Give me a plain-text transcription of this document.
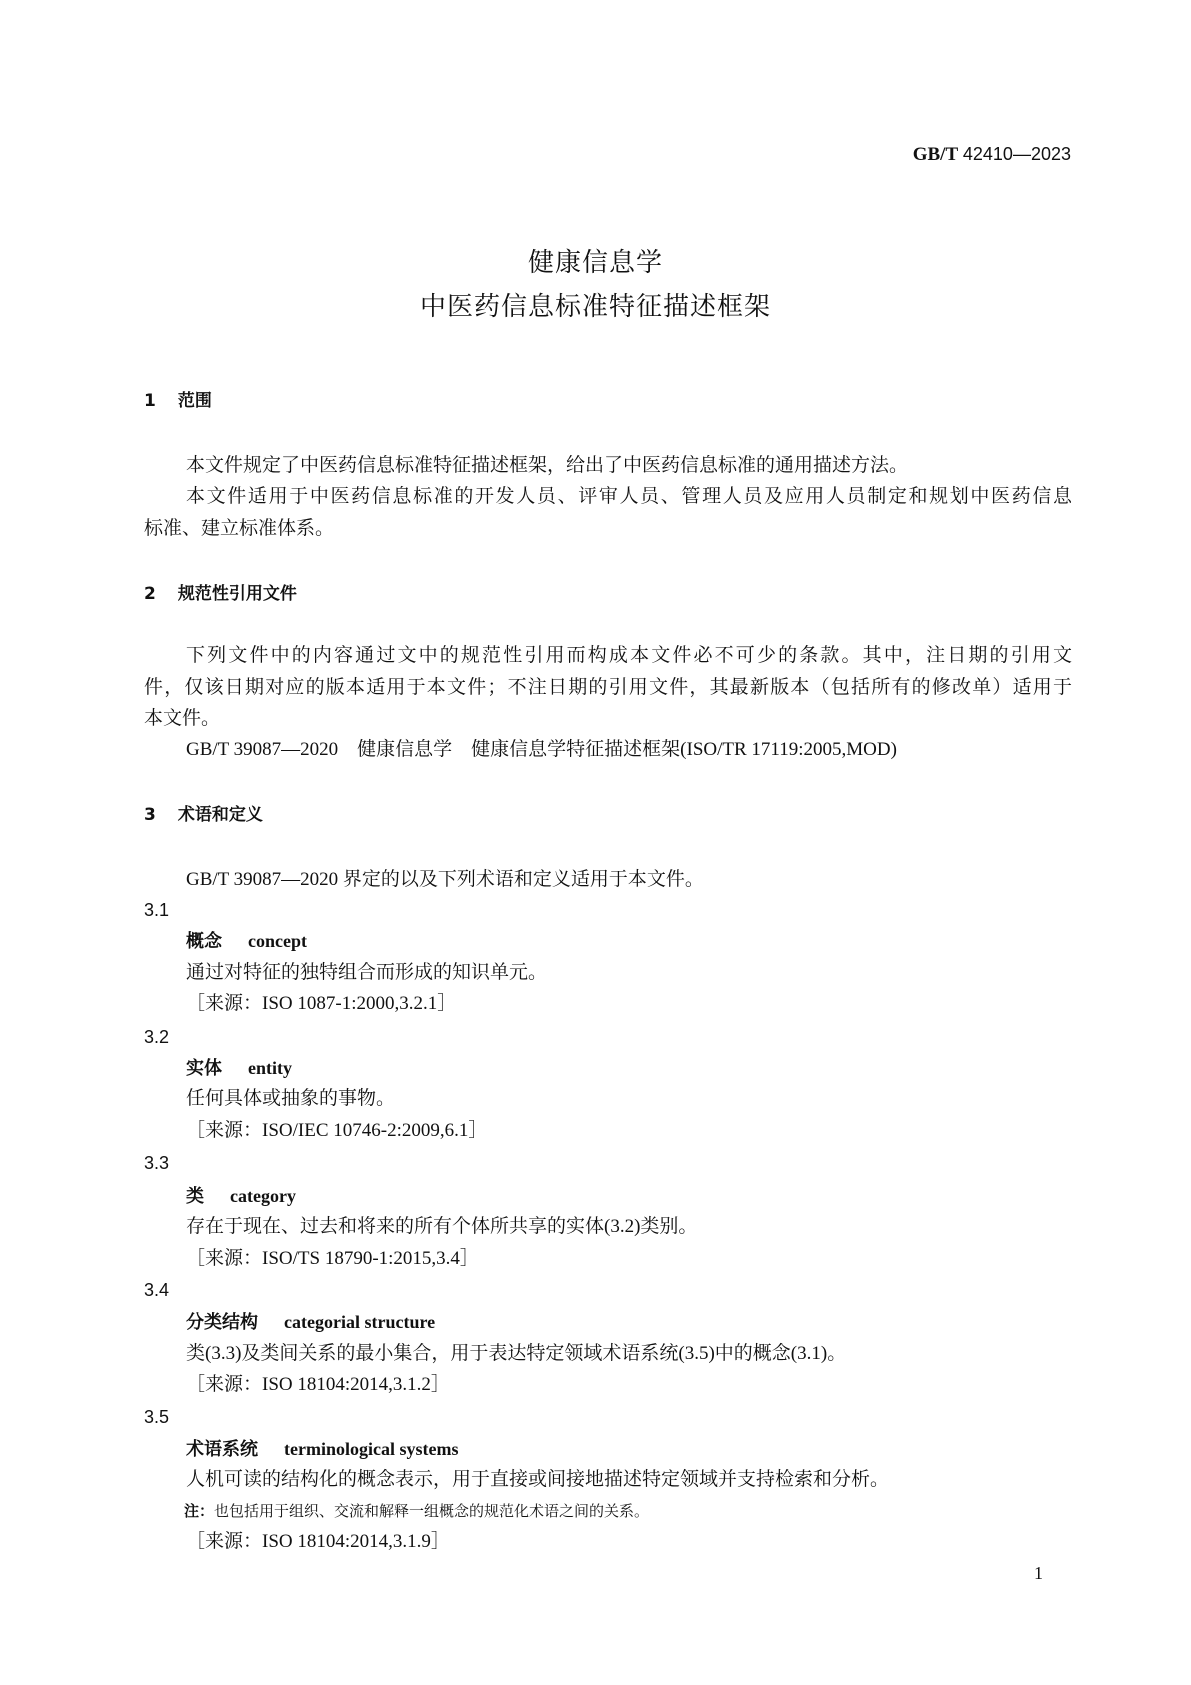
GB/T 42410—2023
健康信息学
中医药信息标准特征描述框架
1 范围
本文件规定了中医药信息标准特征描述框架，给出了中医药信息标准的通用描述方法。
本文件适用于中医药信息标准的开发人员、评审人员、管理人员及应用人员制定和规划中医药信息
标准、建立标准体系。
2 规范性引用文件
下列文件中的内容通过文中的规范性引用而构成本文件必不可少的条款。其中，注日期的引用文
件，仅该日期对应的版本适用于本文件；不注日期的引用文件，其最新版本（包括所有的修改单）适用于
本文件。
GB/T 39087—2020　健康信息学　健康信息学特征描述框架(ISO/TR 17119:2005,MOD)
3 术语和定义
GB/T 39087—2020 界定的以及下列术语和定义适用于本文件。
3.1
概念 concept
通过对特征的独特组合而形成的知识单元。
［来源：ISO 1087-1:2000,3.2.1］
3.2
实体 entity
任何具体或抽象的事物。
［来源：ISO/IEC 10746-2:2009,6.1］
3.3
类 category
存在于现在、过去和将来的所有个体所共享的实体(3.2)类别。
［来源：ISO/TS 18790-1:2015,3.4］
3.4
分类结构 categorial structure
类(3.3)及类间关系的最小集合，用于表达特定领域术语系统(3.5)中的概念(3.1)。
［来源：ISO 18104:2014,3.1.2］
3.5
术语系统 terminological systems
人机可读的结构化的概念表示，用于直接或间接地描述特定领域并支持检索和分析。
注：也包括用于组织、交流和解释一组概念的规范化术语之间的关系。
［来源：ISO 18104:2014,3.1.9］
1
